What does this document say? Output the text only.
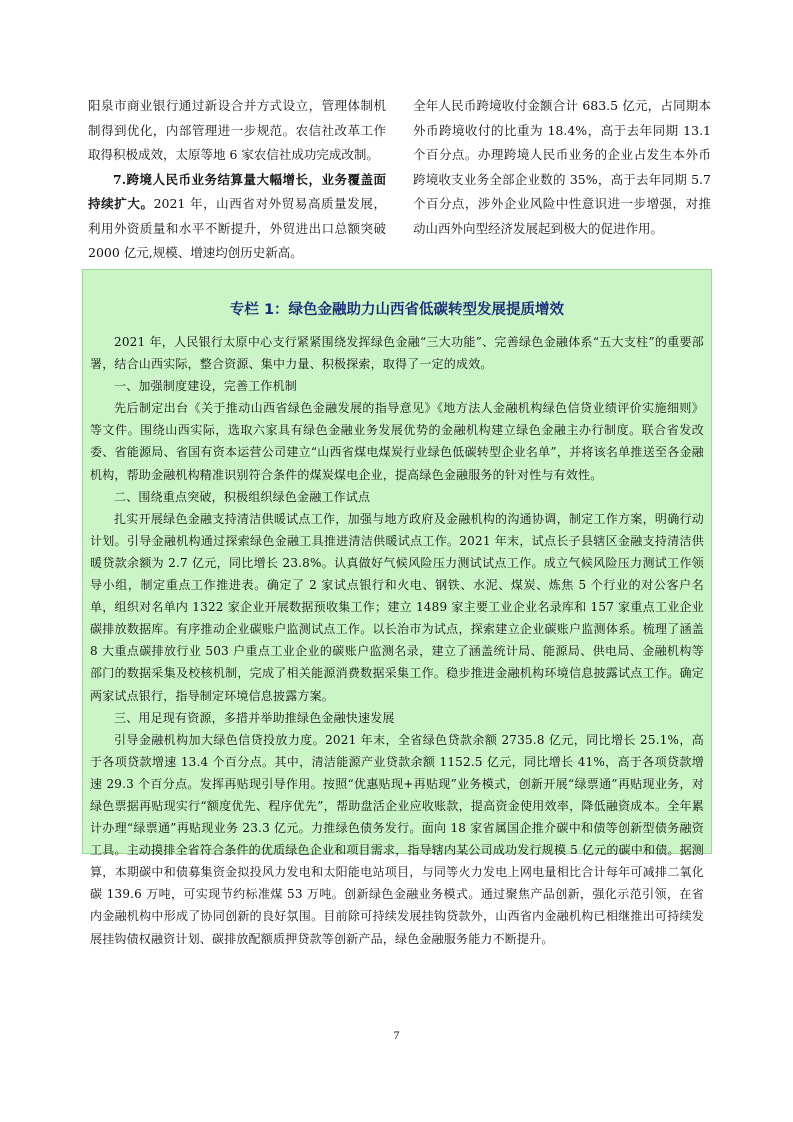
阳泉市商业银行通过新设合并方式设立，管理体制机制得到优化，内部管理进一步规范。农信社改革工作取得积极成效，太原等地 6 家农信社成功完成改制。

7.跨境人民币业务结算量大幅增长，业务覆盖面持续扩大。2021 年，山西省对外贸易高质量发展，利用外资质量和水平不断提升，外贸进出口总额突破 2000 亿元,规模、增速均创历史新高。

全年人民币跨境收付金额合计 683.5 亿元，占同期本外币跨境收付的比重为 18.4%，高于去年同期 13.1 个百分点。办理跨境人民币业务的企业占发生本外币跨境收支业务全部企业数的 35%，高于去年同期 5.7 个百分点，涉外企业风险中性意识进一步增强，对推动山西外向型经济发展起到极大的促进作用。

专栏 1：绿色金融助力山西省低碳转型发展提质增效

2021 年，人民银行太原中心支行紧紧围绕发挥绿色金融“三大功能”、完善绿色金融体系“五大支柱”的重要部署，结合山西实际，整合资源、集中力量、积极探索，取得了一定的成效。

一、加强制度建设，完善工作机制

先后制定出台《关于推动山西省绿色金融发展的指导意见》《地方法人金融机构绿色信贷业绩评价实施细则》等文件。围绕山西实际，选取六家具有绿色金融业务发展优势的金融机构建立绿色金融主办行制度。联合省发改委、省能源局、省国有资本运营公司建立“山西省煤电煤炭行业绿色低碳转型企业名单”，并将该名单推送至各金融机构，帮助金融机构精准识别符合条件的煤炭煤电企业，提高绿色金融服务的针对性与有效性。

二、围绕重点突破，积极组织绿色金融工作试点

扎实开展绿色金融支持清洁供暖试点工作，加强与地方政府及金融机构的沟通协调，制定工作方案，明确行动计划。引导金融机构通过探索绿色金融工具推进清洁供暖试点工作。2021 年末，试点长子县辖区金融支持清洁供暖贷款余额为 2.7 亿元，同比增长 23.8%。认真做好气候风险压力测试试点工作。成立气候风险压力测试工作领导小组，制定重点工作推进表。确定了 2 家试点银行和火电、钢铁、水泥、煤炭、炼焦 5 个行业的对公客户名单，组织对名单内 1322 家企业开展数据预收集工作；建立 1489 家主要工业企业名录库和 157 家重点工业企业碳排放数据库。有序推动企业碳账户监测试点工作。以长治市为试点，探索建立企业碳账户监测体系。梳理了涵盖 8 大重点碳排放行业 503 户重点工业企业的碳账户监测名录，建立了涵盖统计局、能源局、供电局、金融机构等部门的数据采集及校核机制，完成了相关能源消费数据采集工作。稳步推进金融机构环境信息披露试点工作。确定两家试点银行，指导制定环境信息披露方案。

三、用足现有资源，多措并举助推绿色金融快速发展

引导金融机构加大绿色信贷投放力度。2021 年末，全省绿色贷款余额 2735.8 亿元，同比增长 25.1%，高于各项贷款增速 13.4 个百分点。其中，清洁能源产业贷款余额 1152.5 亿元，同比增长 41%，高于各项贷款增速 29.3 个百分点。发挥再贴现引导作用。按照“优惠贴现+再贴现”业务模式，创新开展“绿票通”再贴现业务，对绿色票据再贴现实行“额度优先、程序优先”，帮助盘活企业应收账款，提高资金使用效率，降低融资成本。全年累计办理“绿票通”再贴现业务 23.3 亿元。力推绿色债务发行。面向 18 家省属国企推介碳中和债等创新型债务融资工具。主动摸排全省符合条件的优质绿色企业和项目需求，指导辖内某公司成功发行规模 5 亿元的碳中和债。据测算，本期碳中和债募集资金拟投风力发电和太阳能电站项目，与同等火力发电上网电量相比合计每年可减排二氧化碳 139.6 万吨，可实现节约标准煤 53 万吨。创新绿色金融业务模式。通过聚焦产品创新，强化示范引领，在省内金融机构中形成了协同创新的良好氛围。目前除可持续发展挂钩贷款外，山西省内金融机构已相继推出可持续发展挂钩债权融资计划、碳排放配额质押贷款等创新产品，绿色金融服务能力不断提升。

7
